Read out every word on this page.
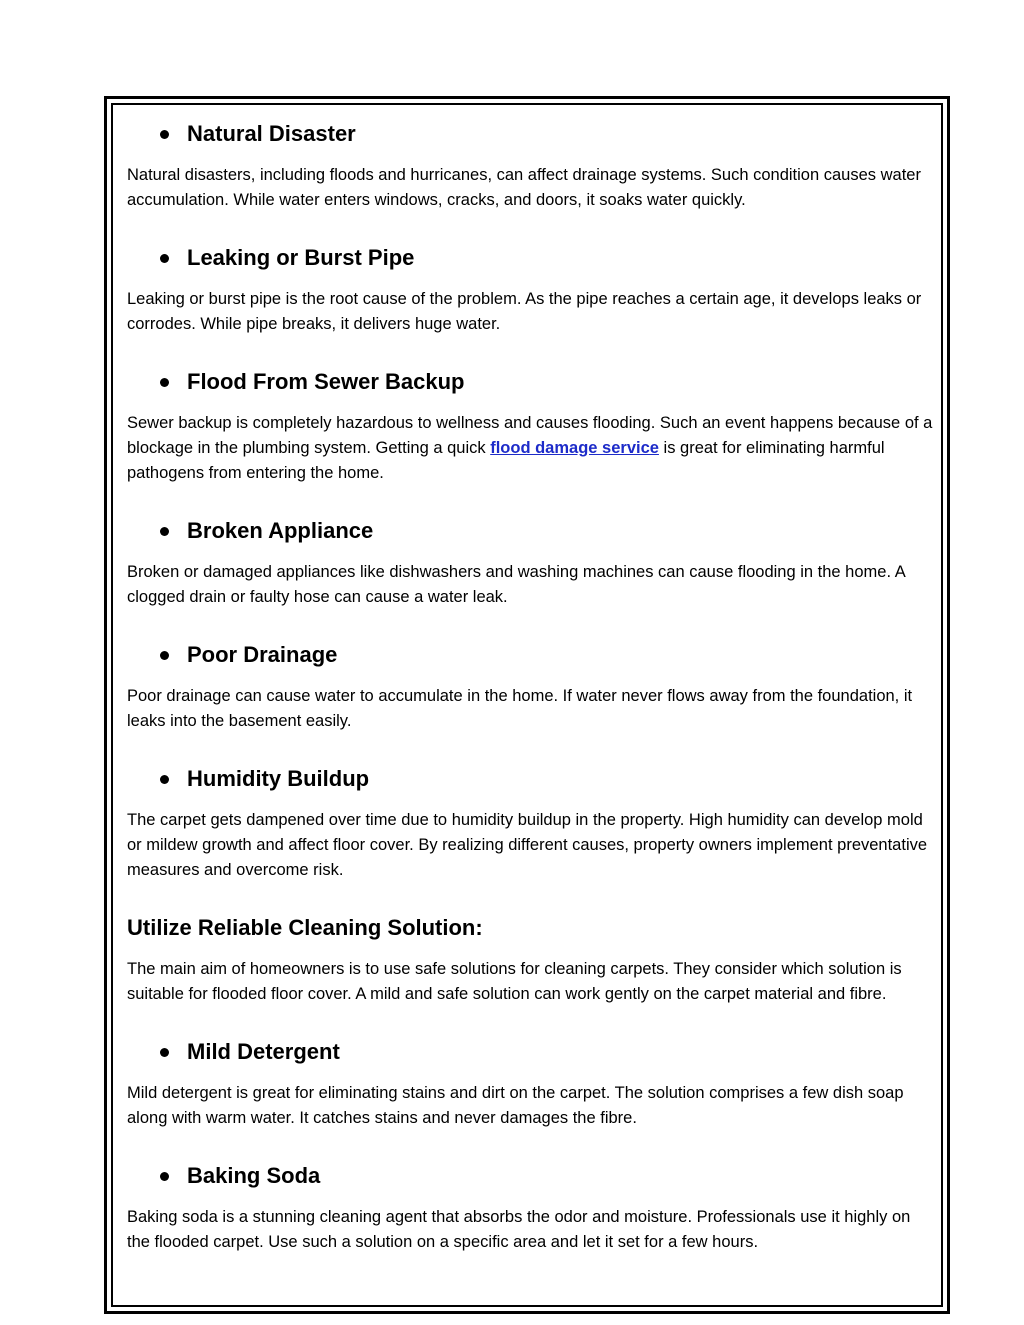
Natural Disaster

Natural disasters, including floods and hurricanes, can affect drainage systems. Such condition causes water accumulation. While water enters windows, cracks, and doors, it soaks water quickly.

Leaking or Burst Pipe

Leaking or burst pipe is the root cause of the problem. As the pipe reaches a certain age, it develops leaks or corrodes. While pipe breaks, it delivers huge water.

Flood From Sewer Backup

Sewer backup is completely hazardous to wellness and causes flooding. Such an event happens because of a blockage in the plumbing system. Getting a quick flood damage service is great for eliminating harmful pathogens from entering the home.

Broken Appliance

Broken or damaged appliances like dishwashers and washing machines can cause flooding in the home. A clogged drain or faulty hose can cause a water leak.

Poor Drainage

Poor drainage can cause water to accumulate in the home. If water never flows away from the foundation, it leaks into the basement easily.

Humidity Buildup

The carpet gets dampened over time due to humidity buildup in the property. High humidity can develop mold or mildew growth and affect floor cover. By realizing different causes, property owners implement preventative measures and overcome risk.

Utilize Reliable Cleaning Solution:

The main aim of homeowners is to use safe solutions for cleaning carpets. They consider which solution is suitable for flooded floor cover. A mild and safe solution can work gently on the carpet material and fibre.

Mild Detergent

Mild detergent is great for eliminating stains and dirt on the carpet. The solution comprises a few dish soap along with warm water. It catches stains and never damages the fibre.

Baking Soda

Baking soda is a stunning cleaning agent that absorbs the odor and moisture. Professionals use it highly on the flooded carpet. Use such a solution on a specific area and let it set for a few hours.
